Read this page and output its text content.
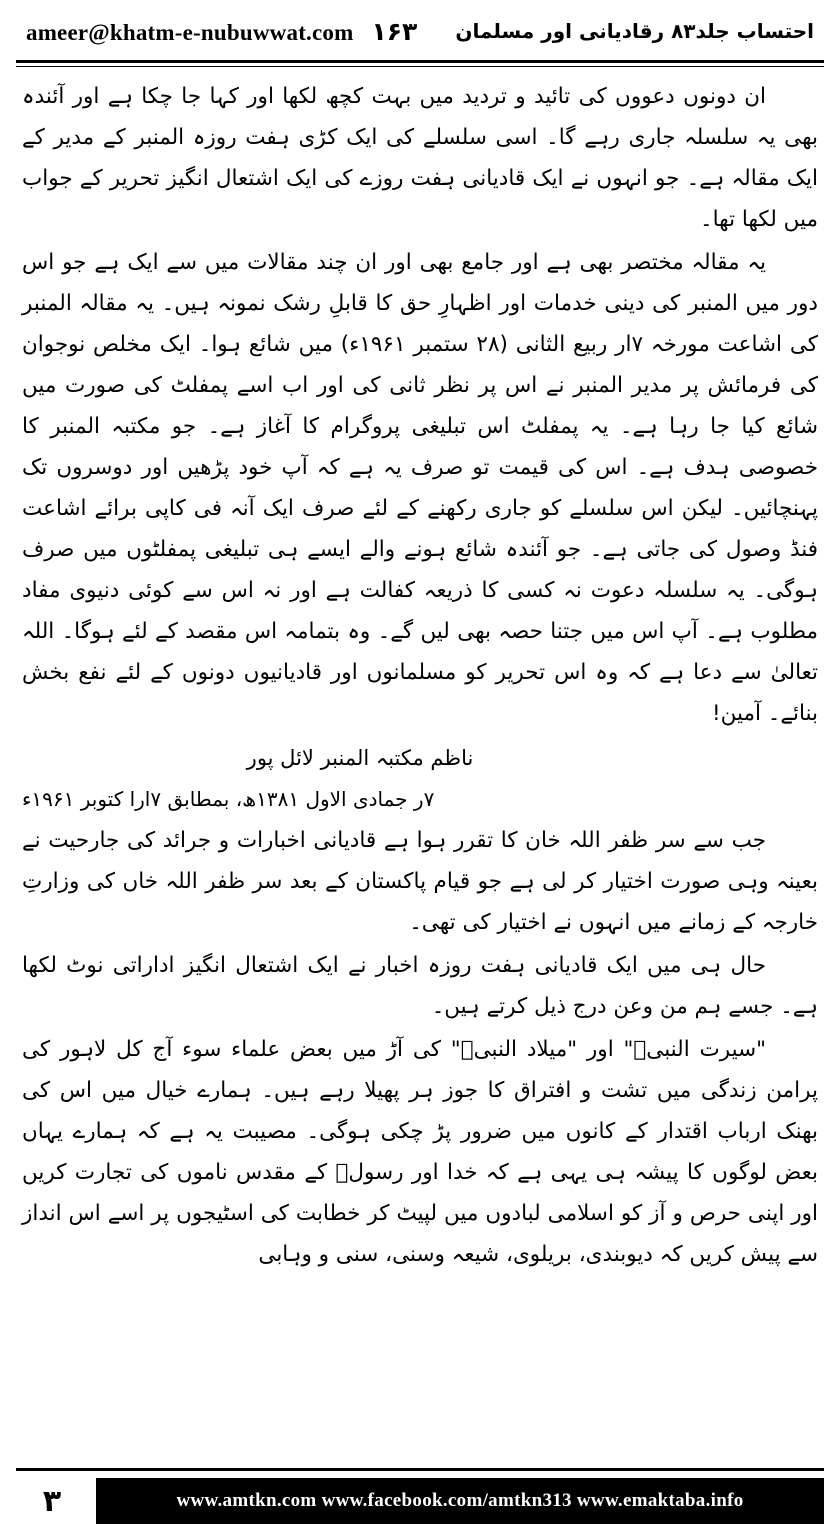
ameer@khatm-e-nubuwwat.com ۱۶۳ احتساب جلد۳۸ رقادیانی اور مسلمان

ان دونوں دعووں کی تائید و تردید میں بہت کچھ لکھا اور کہا جا چکا ہے اور آئندہ بھی یہ سلسلہ جاری رہے گا۔ اسی سلسلے کی ایک کڑی ہفت روزہ المنبر کے مدیر کے ایک مقالہ ہے۔ جو انہوں نے ایک قادیانی ہفت روزے کی ایک اشتعال انگیز تحریر کے جواب میں لکھا تھا۔

یہ مقالہ مختصر بھی ہے اور جامع بھی اور ان چند مقالات میں سے ایک ہے جو اس دور میں المنبر کی دینی خدمات اور اظہارِ حق کا قابلِ رشک نمونہ ہیں۔ یہ مقالہ المنبر کی اشاعت مورخہ ۷ار ربیع الثانی (۲۸ ستمبر ۱۹۶۱ء) میں شائع ہوا۔ ایک مخلص نوجوان کی فرمائش پر مدیر المنبر نے اس پر نظر ثانی کی اور اب اسے پمفلٹ کی صورت میں شائع کیا جا رہا ہے۔ یہ پمفلٹ اس تبلیغی پروگرام کا آغاز ہے۔ جو مکتبہ المنبر کا خصوصی ہدف ہے۔ اس کی قیمت تو صرف یہ ہے کہ آپ خود پڑھیں اور دوسروں تک پہنچائیں۔ لیکن اس سلسلے کو جاری رکھنے کے لئے صرف ایک آنہ فی کاپی برائے اشاعت فنڈ وصول کی جاتی ہے۔ جو آئندہ شائع ہونے والے ایسے ہی تبلیغی پمفلٹوں میں صرف ہوگی۔ یہ سلسلہ دعوت نہ کسی کا ذریعہ کفالت ہے اور نہ اس سے کوئی دنیوی مفاد مطلوب ہے۔ آپ اس میں جتنا حصہ بھی لیں گے۔ وہ بتمامہ اس مقصد کے لئے ہوگا۔ اللہ تعالیٰ سے دعا ہے کہ وہ اس تحریر کو مسلمانوں اور قادیانیوں دونوں کے لئے نفع بخش بنائے۔ آمین!

ناظم مکتبہ المنبر لائل پور

۷ر جمادی الاول ۱۳۸۱ھ، بمطابق ۷ارا کتوبر ۱۹۶۱ء

جب سے سر ظفر اللہ خان کا تقرر ہوا ہے قادیانی اخبارات و جرائد کی جارحیت نے بعینہ وہی صورت اختیار کر لی ہے جو قیام پاکستان کے بعد سر ظفر اللہ خاں کی وزارتِ خارجہ کے زمانے میں انہوں نے اختیار کی تھی۔

حال ہی میں ایک قادیانی ہفت روزہ اخبار نے ایک اشتعال انگیز اداراتی نوٹ لکھا ہے۔ جسے ہم من وعن درج ذیل کرتے ہیں۔

"سیرت النبیؐ" اور "میلاد النبیؐ" کی آڑ میں بعض علماء سوء آج کل لاہور کی پرامن زندگی میں تشت و افتراق کا جوز ہر پھیلا رہے ہیں۔ ہمارے خیال میں اس کی بھنک ارباب اقتدار کے کانوں میں ضرور پڑ چکی ہوگی۔ مصیبت یہ ہے کہ ہمارے یہاں بعض لوگوں کا پیشہ ہی یہی ہے کہ خدا اور رسولؐ کے مقدس ناموں کی تجارت کریں اور اپنی حرص و آز کو اسلامی لبادوں میں لپیٹ کر خطابت کی اسٹیجوں پر اسے اس انداز سے پیش کریں کہ دیوبندی، بریلوی، شیعہ وسنی، سنی و وہابی

۳	www.amtkn.com www.facebook.com/amtkn313 www.emaktaba.info
